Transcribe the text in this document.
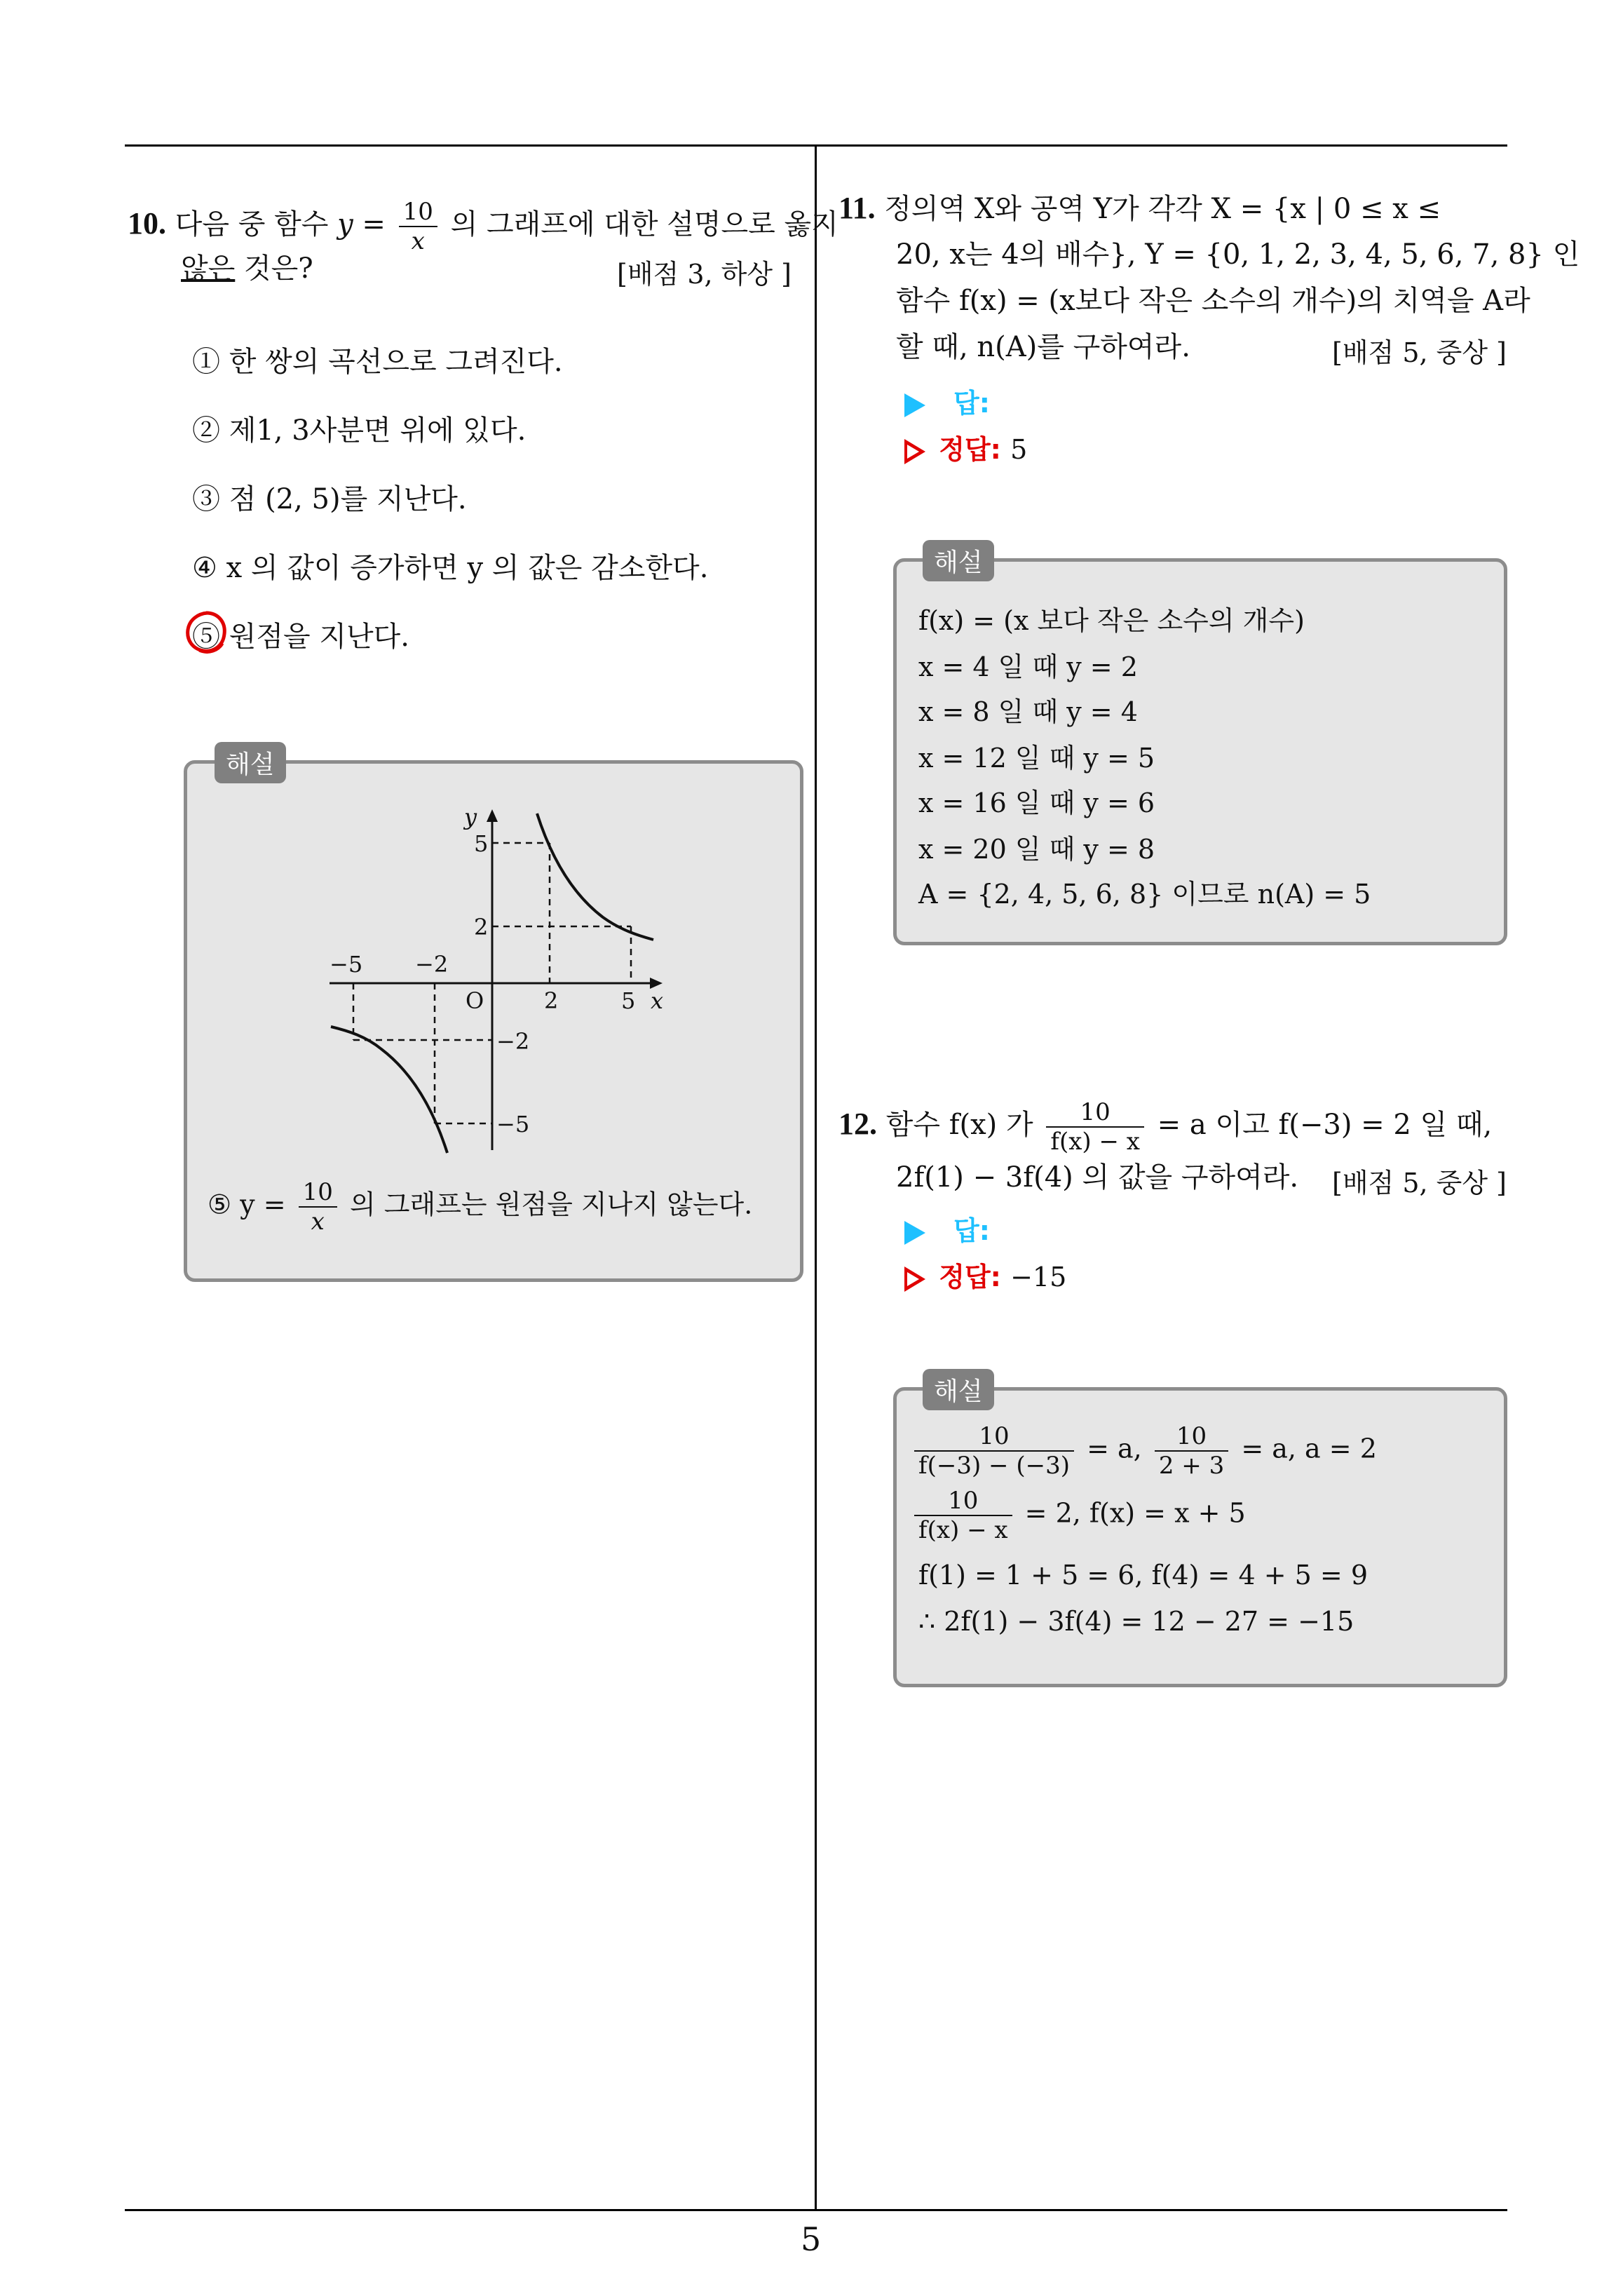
5
10. 다음 중 함수 $y = \frac{10}{x}$ 의 그래프에 대한 설명으로 옳지
않은 것은?	[배점 3, 하상 ]
① 한 쌍의 곡선으로 그려진다.
② 제1, 3사분면 위에 있다.
③ 점 (2, 5)를 지난다.
④ x 의 값이 증가하면 y 의 값은 감소한다.
⑤ 원점을 지난다.
해설
y
x
O
5
2
−2
−5
−5 −2
2	5
⑤ $y = \frac{10}{x}$ 의 그래프는 원점을 지나지 않는다.
11. 정의역 X와 공역 Y가 각각 X = {x | 0 ≤ x ≤
20, x는 4의 배수}, Y = {0, 1, 2, 3, 4, 5, 6, 7, 8} 인
함수 f(x) = (x보다 작은 소수의 개수)의 치역을 A라
할 때, n(A)를 구하여라.	[배점 5, 중상 ]
답:
정답: 5
해설
f(x) = (x 보다 작은 소수의 개수)
x = 4 일 때 y = 2
x = 8 일 때 y = 4
x = 12 일 때 y = 5
x = 16 일 때 y = 6
x = 20 일 때 y = 8
A = {2, 4, 5, 6, 8} 이므로 n(A) = 5
12. 함수 f(x) 가 $\frac{10}{f(x) - x} = a$ 이고 f(−3) = 2 일 때,
2f(1) − 3f(4) 의 값을 구하여라. [배점 5, 중상 ]
답:
정답: −15
해설
$\frac{10}{f(-3) - (-3)} = a$, $\frac{10}{2 + 3} = a$, a = 2
$\frac{10}{f(x) - x} = 2$, f(x) = x + 5
f(1) = 1 + 5 = 6, f(4) = 4 + 5 = 9
∴ 2f(1) − 3f(4) = 12 − 27 = −15
